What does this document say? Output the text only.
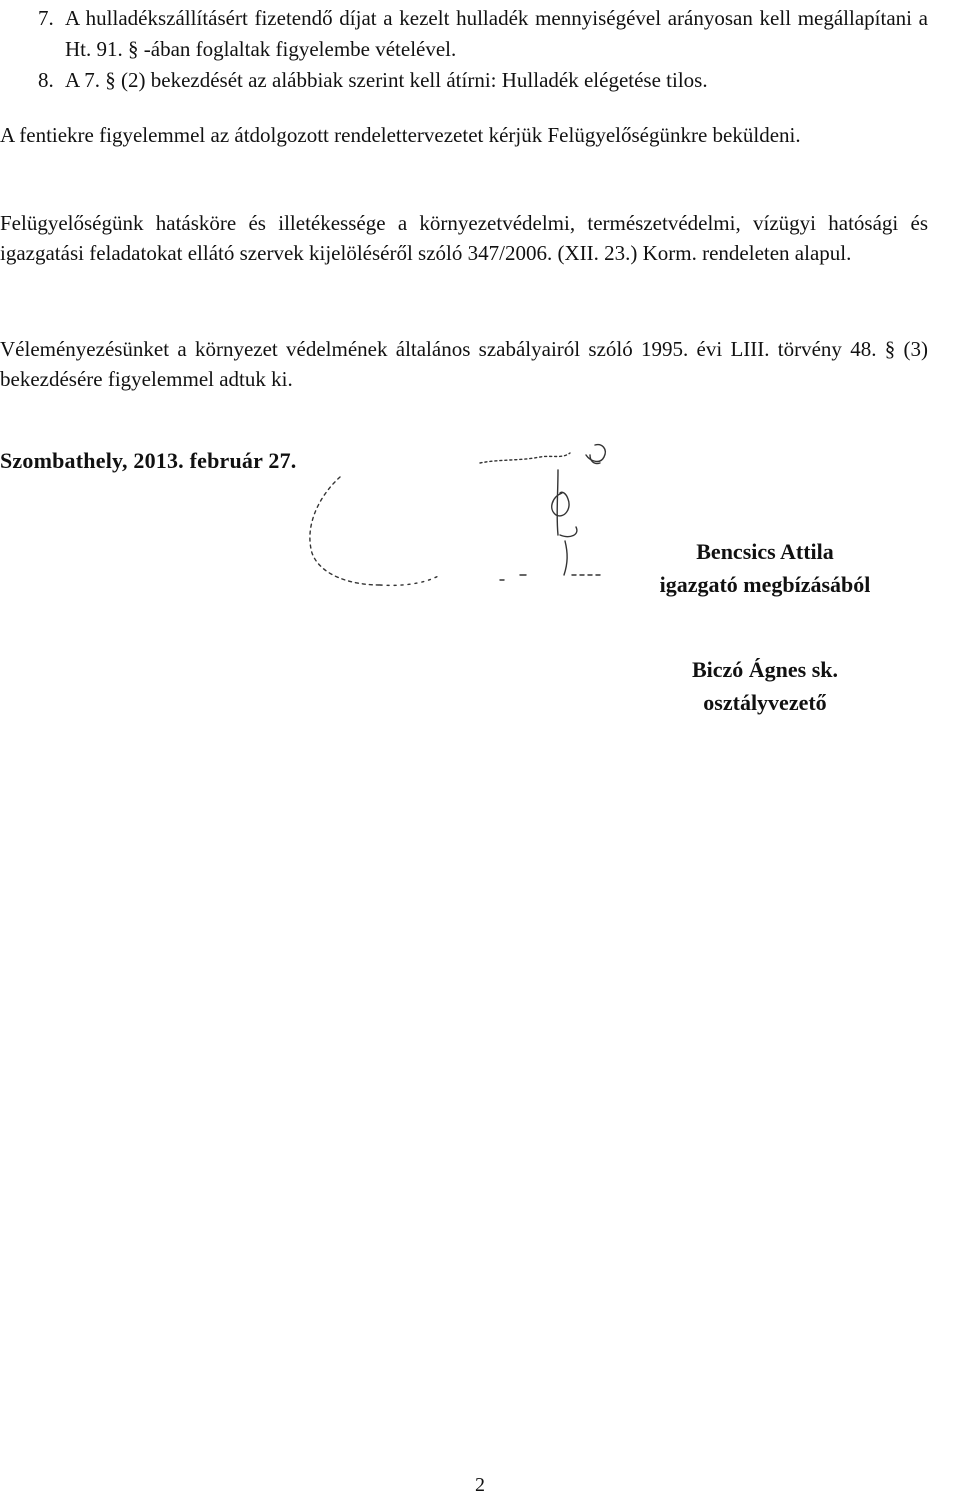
7. A hulladékszállításért fizetendő díjat a kezelt hulladék mennyiségével arányosan kell megállapítani a Ht. 91. § -ában foglaltak figyelembe vételével.
8. A 7. § (2) bekezdését az alábbiak szerint kell átírni: Hulladék elégetése tilos.
A fentiekre figyelemmel az átdolgozott rendelettervezetet kérjük Felügyelőségünkre beküldeni.
Felügyelőségünk hatásköre és illetékessége a környezetvédelmi, természetvédelmi, vízügyi hatósági és igazgatási feladatokat ellátó szervek kijelöléséről szóló 347/2006. (XII. 23.) Korm. rendeleten alapul.
Véleményezésünket a környezet védelmének általános szabályairól szóló 1995. évi LIII. törvény 48. § (3) bekezdésére figyelemmel adtuk ki.
Szombathely, 2013. február 27.
Bencsics Attila
igazgató megbízásából
Biczó Ágnes sk.
osztályvezető
2
